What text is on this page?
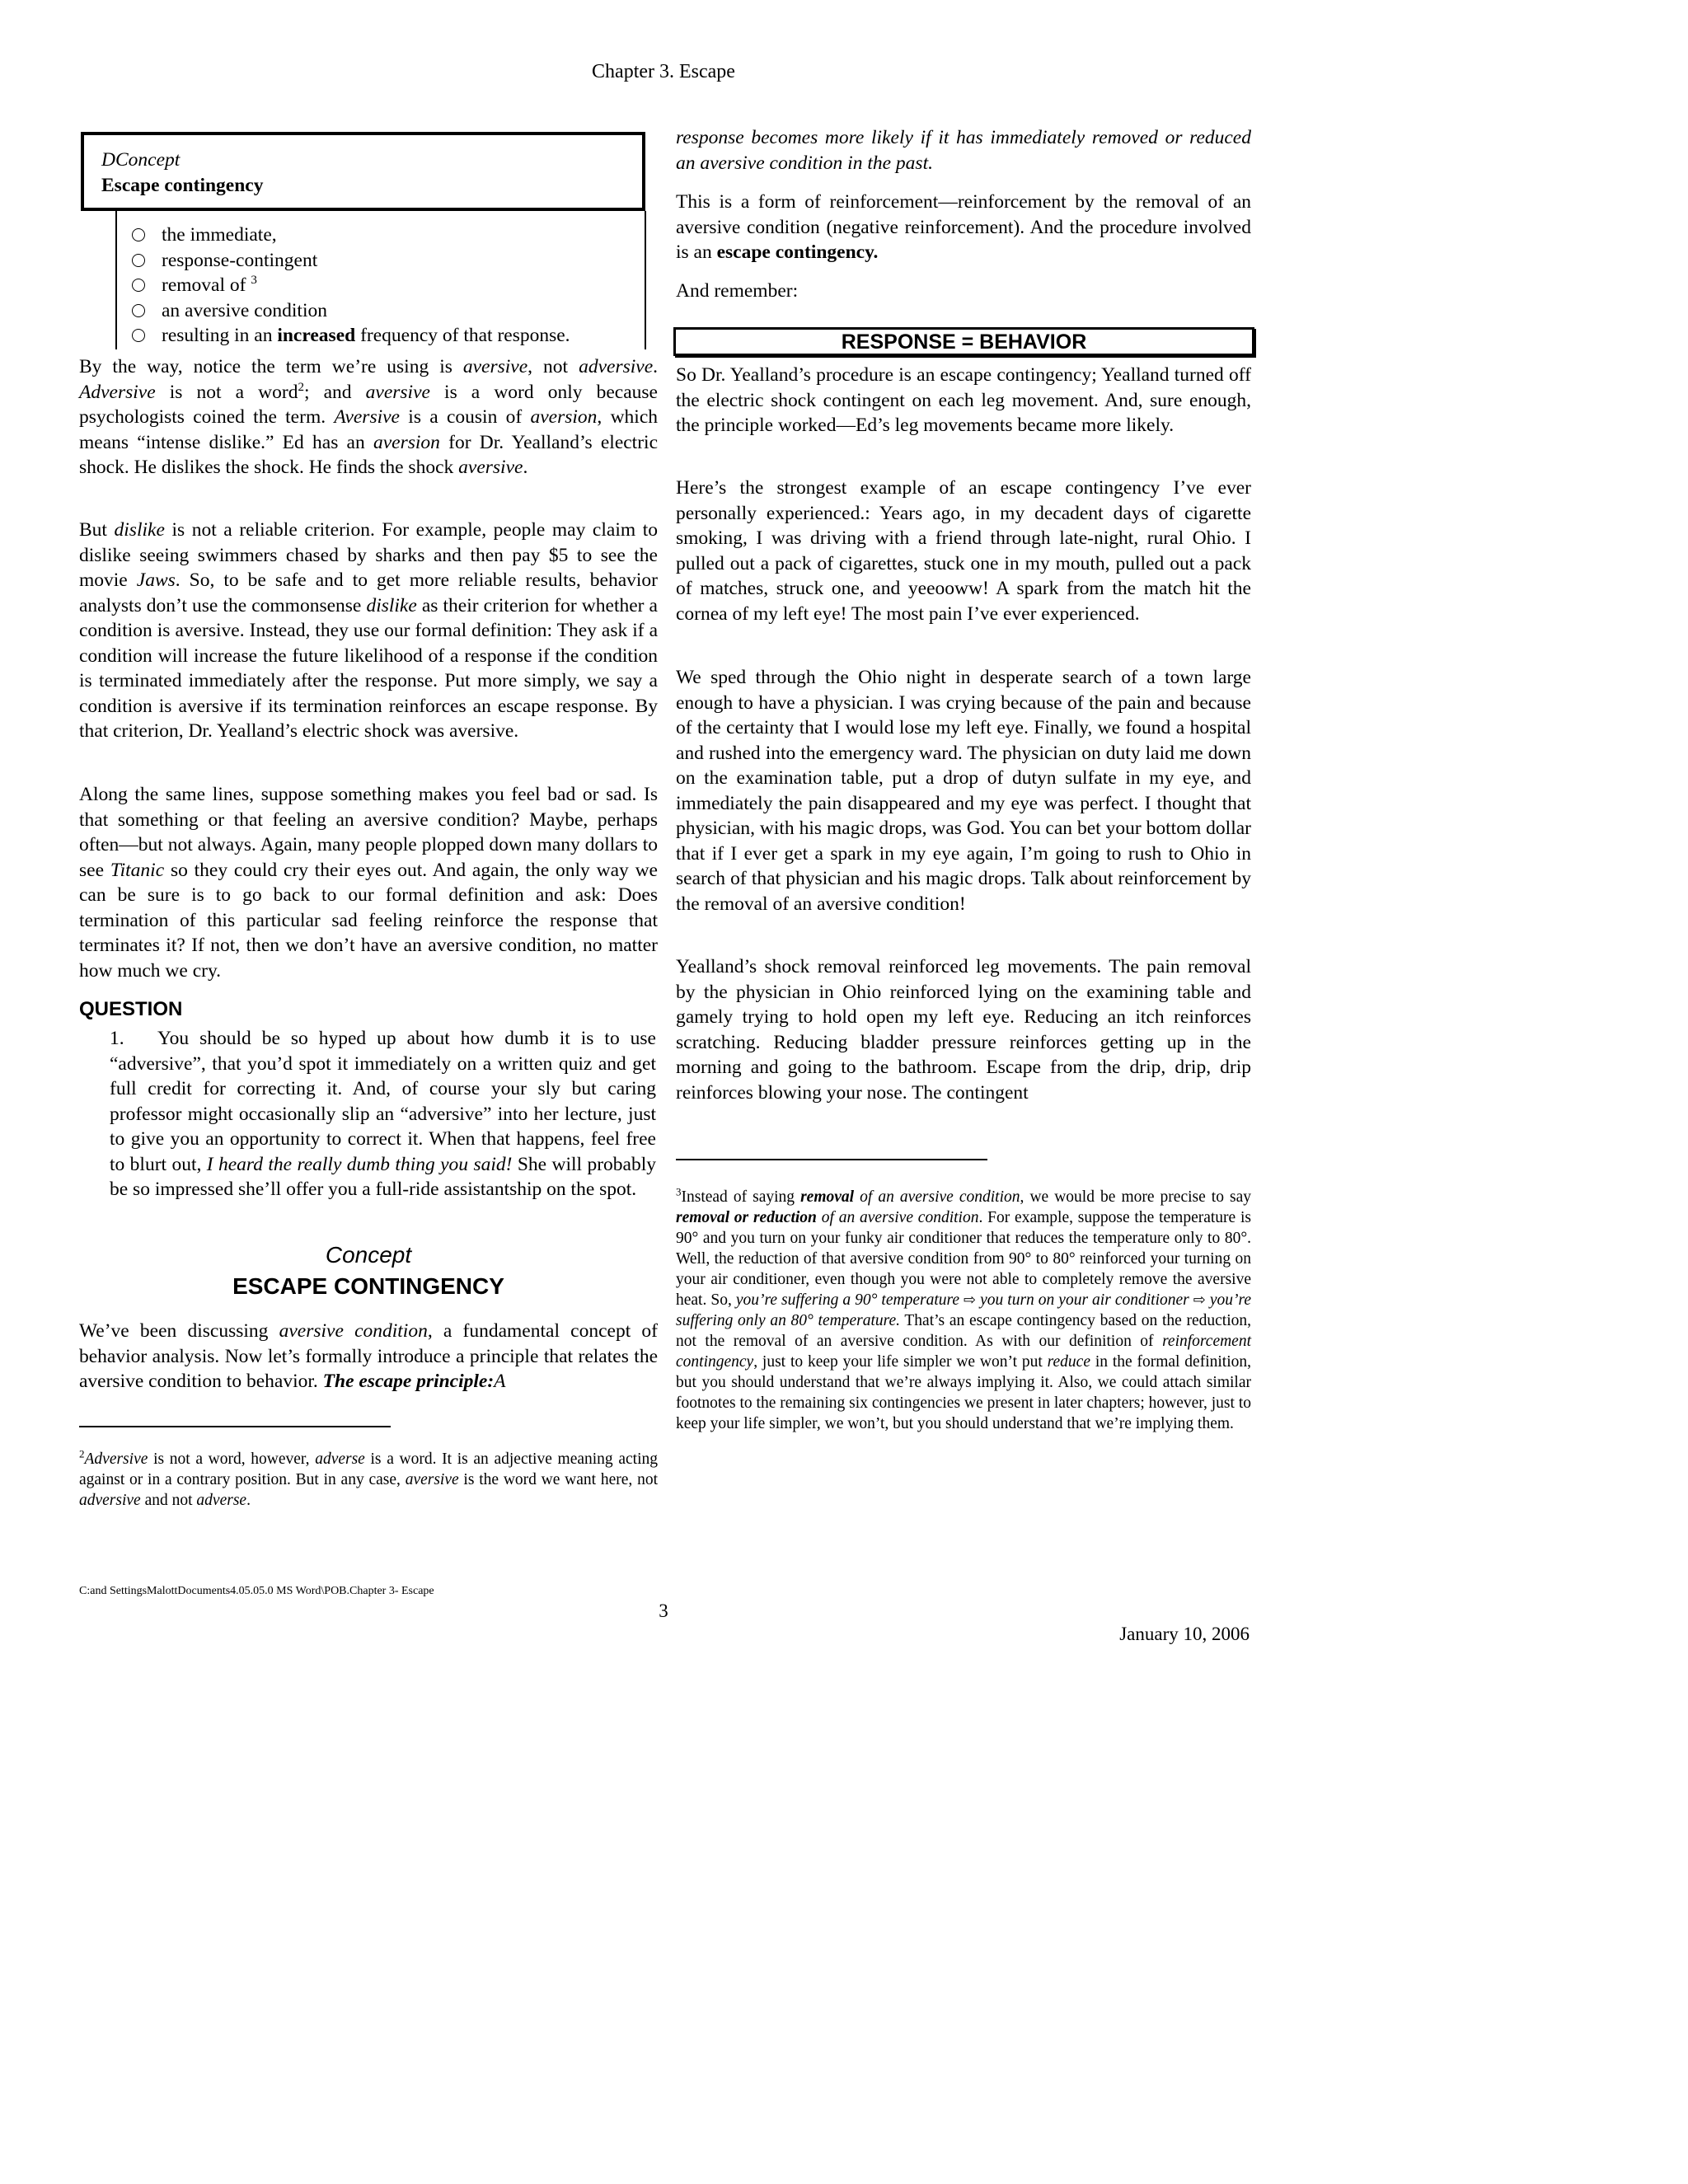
Chapter 3. Escape
DConcept
Escape contingency
the immediate,
response-contingent
removal of $^3$
an aversive condition
resulting in an increased frequency of that response.

By the way, notice the term we’re using is aversive, not adversive. Adversive is not a word$^2$; and aversive is a word only because psychologists coined the term. Aversive is a cousin of aversion, which means “intense dislike.” Ed has an aversion for Dr. Yealland’s electric shock. He dislikes the shock. He finds the shock aversive.

But dislike is not a reliable criterion. For example, people may claim to dislike seeing swimmers chased by sharks and then pay $5 to see the movie Jaws. So, to be safe and to get more reliable results, behavior analysts don’t use the commonsense dislike as their criterion for whether a condition is aversive. Instead, they use our formal definition: They ask if a condition will increase the future likelihood of a response if the condition is terminated immediately after the response. Put more simply, we say a condition is aversive if its termination reinforces an escape response. By that criterion, Dr. Yealland’s electric shock was aversive.

Along the same lines, suppose something makes you feel bad or sad. Is that something or that feeling an aversive condition? Maybe, perhaps often—but not always. Again, many people plopped down many dollars to see Titanic so they could cry their eyes out. And again, the only way we can be sure is to go back to our formal definition and ask: Does termination of this particular sad feeling reinforce the response that terminates it? If not, then we don’t have an aversive condition, no matter how much we cry.

QUESTION
1.	You should be so hyped up about how dumb it is to use “adversive”, that you’d spot it immediately on a written quiz and get full credit for correcting it. And, of course your sly but caring professor might occasionally slip an “adversive” into her lecture, just to give you an opportunity to correct it. When that happens, feel free to blurt out, I heard the really dumb thing you said! She will probably be so impressed she’ll offer you a full-ride assistantship on the spot.

Concept
ESCAPE CONTINGENCY

We’ve been discussing aversive condition, a fundamental concept of behavior analysis. Now let’s formally introduce a principle that relates the aversive condition to behavior. The escape principle:A

$^2$Adversive is not a word, however, adverse is a word. It is an adjective meaning acting against or in a contrary position. But in any case, aversive is the word we want here, not adversive and not adverse.

response becomes more likely if it has immediately removed or reduced an aversive condition in the past.

This is a form of reinforcement—reinforcement by the removal of an aversive condition (negative reinforcement). And the procedure involved is an escape contingency.

And remember:

RESPONSE = BEHAVIOR

So Dr. Yealland’s procedure is an escape contingency; Yealland turned off the electric shock contingent on each leg movement. And, sure enough, the principle worked—Ed’s leg movements became more likely.

Here’s the strongest example of an escape contingency I’ve ever personally experienced.: Years ago, in my decadent days of cigarette smoking, I was driving with a friend through late-night, rural Ohio. I pulled out a pack of cigarettes, stuck one in my mouth, pulled out a pack of matches, struck one, and yeeooww! A spark from the match hit the cornea of my left eye! The most pain I’ve ever experienced.

We sped through the Ohio night in desperate search of a town large enough to have a physician. I was crying because of the pain and because of the certainty that I would lose my left eye. Finally, we found a hospital and rushed into the emergency ward. The physician on duty laid me down on the examination table, put a drop of dutyn sulfate in my eye, and immediately the pain disappeared and my eye was perfect. I thought that physician, with his magic drops, was God. You can bet your bottom dollar that if I ever get a spark in my eye again, I’m going to rush to Ohio in search of that physician and his magic drops. Talk about reinforcement by the removal of an aversive condition!

Yealland’s shock removal reinforced leg movements. The pain removal by the physician in Ohio reinforced lying on the examining table and gamely trying to hold open my left eye. Reducing an itch reinforces scratching. Reducing bladder pressure reinforces getting up in the morning and going to the bathroom. Escape from the drip, drip, drip reinforces blowing your nose. The contingent

$^3$Instead of saying removal of an aversive condition, we would be more precise to say removal or reduction of an aversive condition. For example, suppose the temperature is 90° and you turn on your funky air conditioner that reduces the temperature only to 80°. Well, the reduction of that aversive condition from 90° to 80° reinforced your turning on your air conditioner, even though you were not able to completely remove the aversive heat. So, you’re suffering a 90° temperature ⇨ you turn on your air conditioner ⇨ you’re suffering only an 80° temperature. That’s an escape contingency based on the reduction, not the removal of an aversive condition. As with our definition of reinforcement contingency, just to keep your life simpler we won’t put reduce in the formal definition, but you should understand that we’re always implying it. Also, we could attach similar footnotes to the remaining six contingencies we present in later chapters; however, just to keep your life simpler, we won’t, but you should understand that we’re implying them.

C:and SettingsMalottDocuments4.05.05.0 MS Word\POB.Chapter 3- Escape
3
January 10, 2006
